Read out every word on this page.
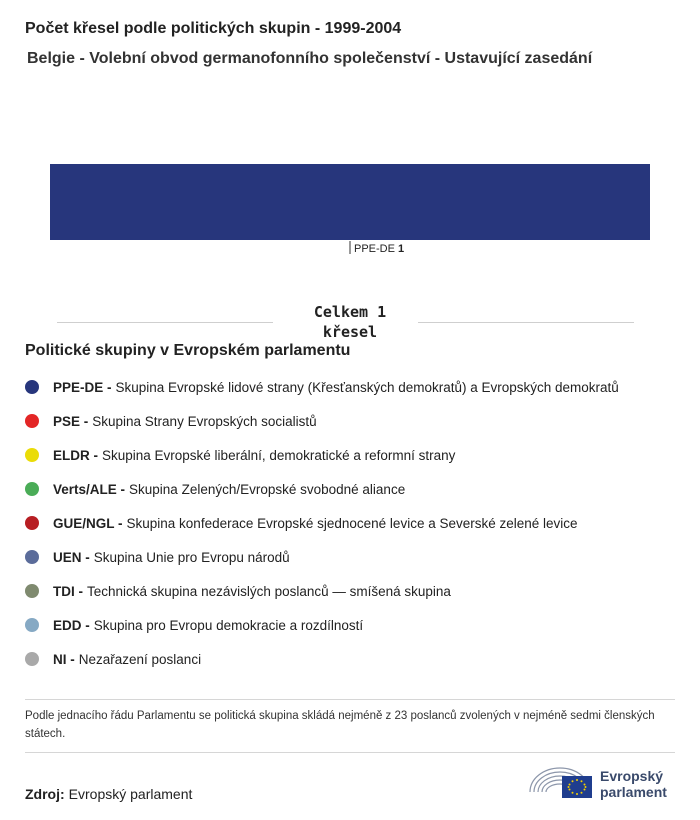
Počet křesel podle politických skupin - 1999-2004
Belgie - Volební obvod germanofonního společenství - Ustavující zasedání
PPE-DE 1
Celkem 1
křesel
Politické skupiny v Evropském parlamentu
PPE-DE - Skupina Evropské lidové strany (Křesťanských demokratů) a Evropských demokratů
PSE - Skupina Strany Evropských socialistů
ELDR - Skupina Evropské liberální, demokratické a reformní strany
Verts/ALE - Skupina Zelených/Evropské svobodné aliance
GUE/NGL - Skupina konfederace Evropské sjednocené levice a Severské zelené levice
UEN - Skupina Unie pro Evropu národů
TDI - Technická skupina nezávislých poslanců — smíšená skupina
EDD - Skupina pro Evropu demokracie a rozdílností
NI - Nezařazení poslanci

Podle jednacího řádu Parlamentu se politická skupina skládá nejméně z 23 poslanců zvolených v nejméně sedmi členských státech.

Zdroj: Evropský parlament
Evropský
parlament
